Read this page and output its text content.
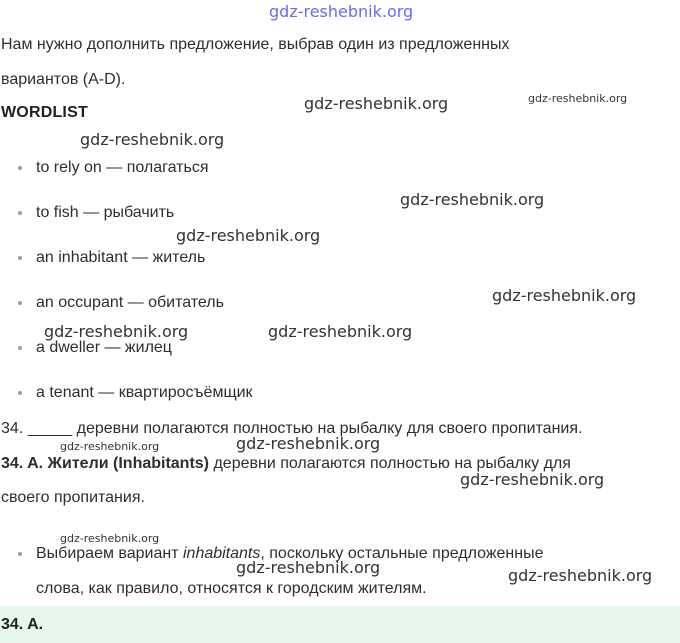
gdz-reshebnik.org
Нам нужно дополнить предложение, выбрав один из предложенных
вариантов (A-D).
WORDLIST
to rely on — полагаться
to fish — рыбачить
an inhabitant — житель
an occupant — обитатель
a dweller — жилец
a tenant — квартиросъёмщик
34. _____ деревни полагаются полностью на рыбалку для своего пропитания.
34. A. Жители (Inhabitants) деревни полагаются полностью на рыбалку для
своего пропитания.
Выбираем вариант inhabitants, поскольку остальные предложенные
слова, как правило, относятся к городским жителям.
34. A.
gdz-reshebnik.org
gdz-reshebnik.org
gdz-reshebnik.org
gdz-reshebnik.org
gdz-reshebnik.org
gdz-reshebnik.org	gdz-reshebnik.org
gdz-reshebnik.org
gdz-reshebnik.org
gdz-reshebnik.org	gdz-reshebnik.org
gdz-reshebnik.org
gdz-reshebnik.org
gdz-reshebnik.org
